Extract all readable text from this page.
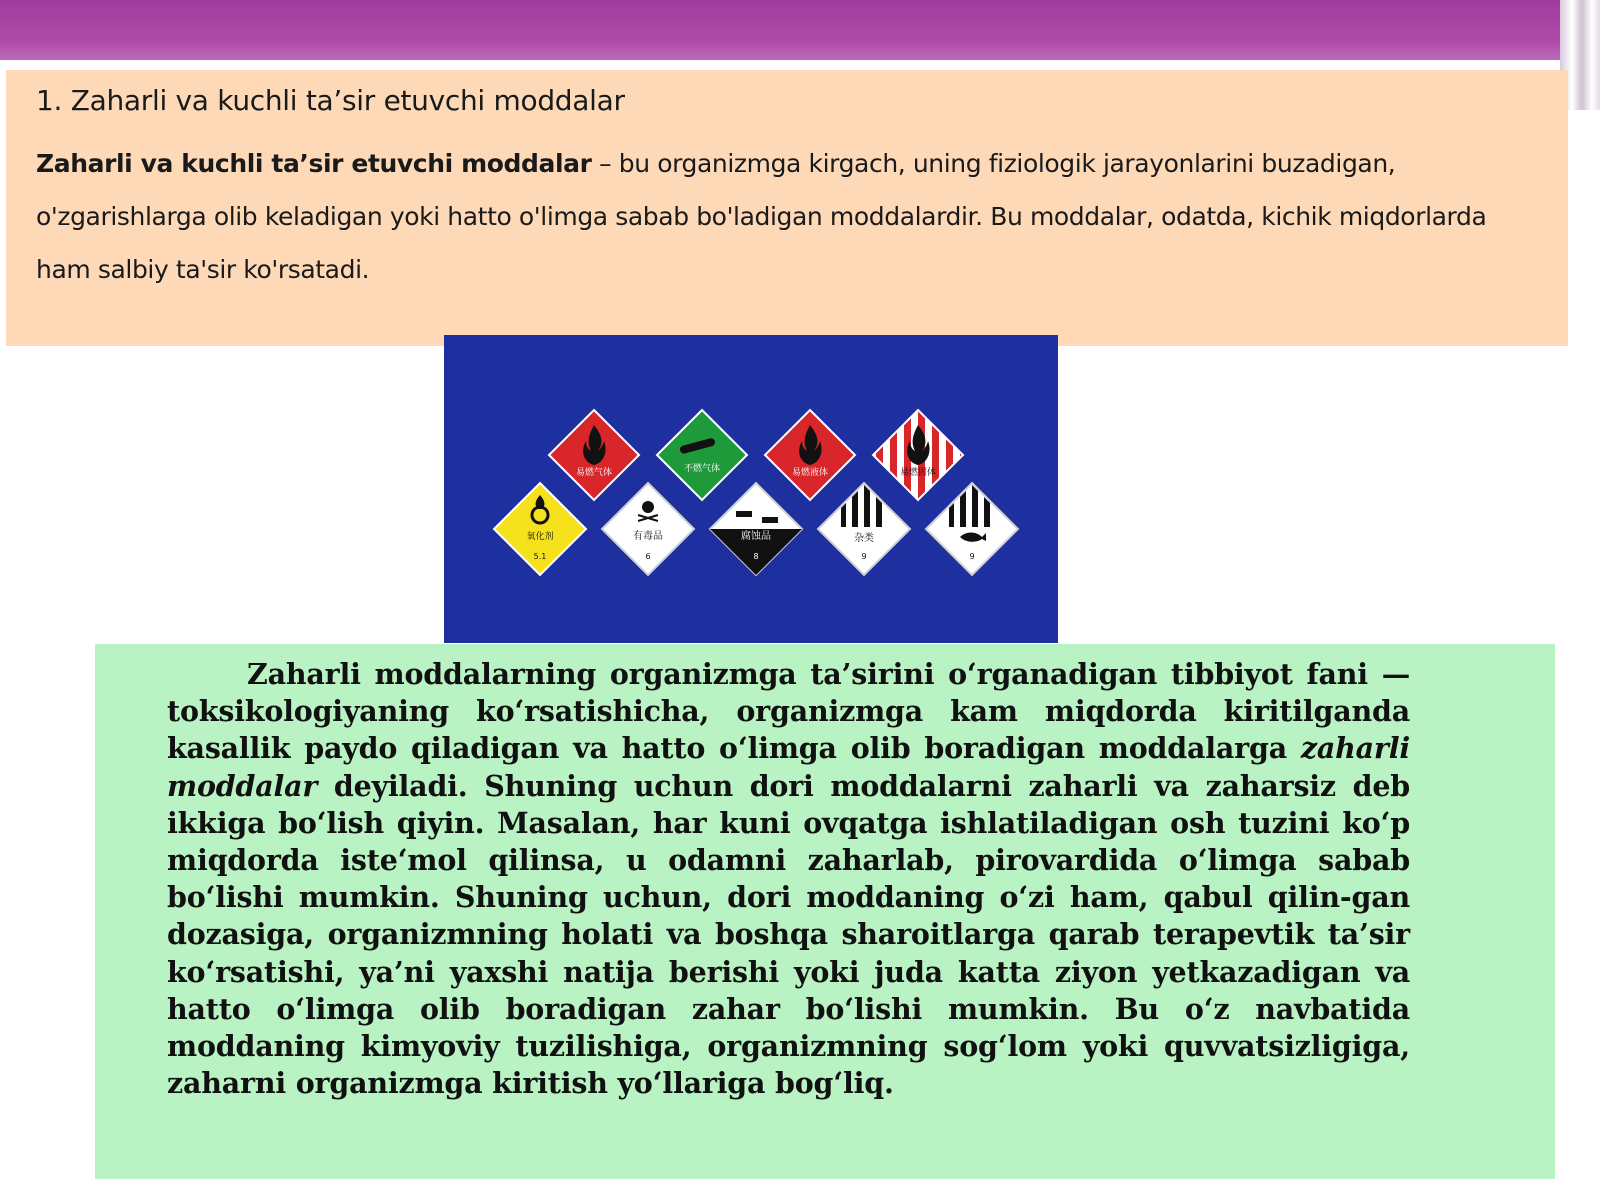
1. Zaharli va kuchli ta’sir etuvchi moddalar

Zaharli va kuchli ta’sir etuvchi moddalar – bu organizmga kirgach, uning fiziologik jarayonlarini buzadigan, o'zgarishlarga olib keladigan yoki hatto o'limga sabab bo'ladigan moddalardir. Bu moddalar, odatda, kichik miqdorlarda ham salbiy ta'sir ko'rsatadi.

易燃气体	不燃气体	易燃液体	易燃固体
氧化剂
5.1
有毒品
6
腐蚀品
8
杂类
9	9

Zaharli moddalarning organizmga ta’sirini o‘rganadigan tibbiyot fani — toksikologiyaning ko‘rsatishicha, organizmga kam miqdorda kiritilganda kasallik paydo qiladigan va hatto o‘limga olib boradigan moddalarga zaharli moddalar deyiladi. Shuning uchun dori moddalarni zaharli va zaharsiz deb ikkiga bo‘lish qiyin. Masalan, har kuni ovqatga ishlatiladigan osh tuzini ko‘p miqdorda iste‘mol qilinsa, u odamni zaharlab, pirovardida o‘limga sabab bo‘lishi mumkin. Shuning uchun, dori moddaning o‘zi ham, qabul qilin-gan dozasiga, organizmning holati va boshqa sharoitlarga qarab terapevtik ta’sir ko‘rsatishi, ya’ni yaxshi natija berishi yoki juda katta ziyon yetkazadigan va hatto o‘limga olib boradigan zahar bo‘lishi mumkin. Bu o‘z navbatida moddaning kimyoviy tuzilishiga, organizmning sog‘lom yoki quvvatsizligiga, zaharni organizmga kiritish yo‘llariga bog‘liq.
